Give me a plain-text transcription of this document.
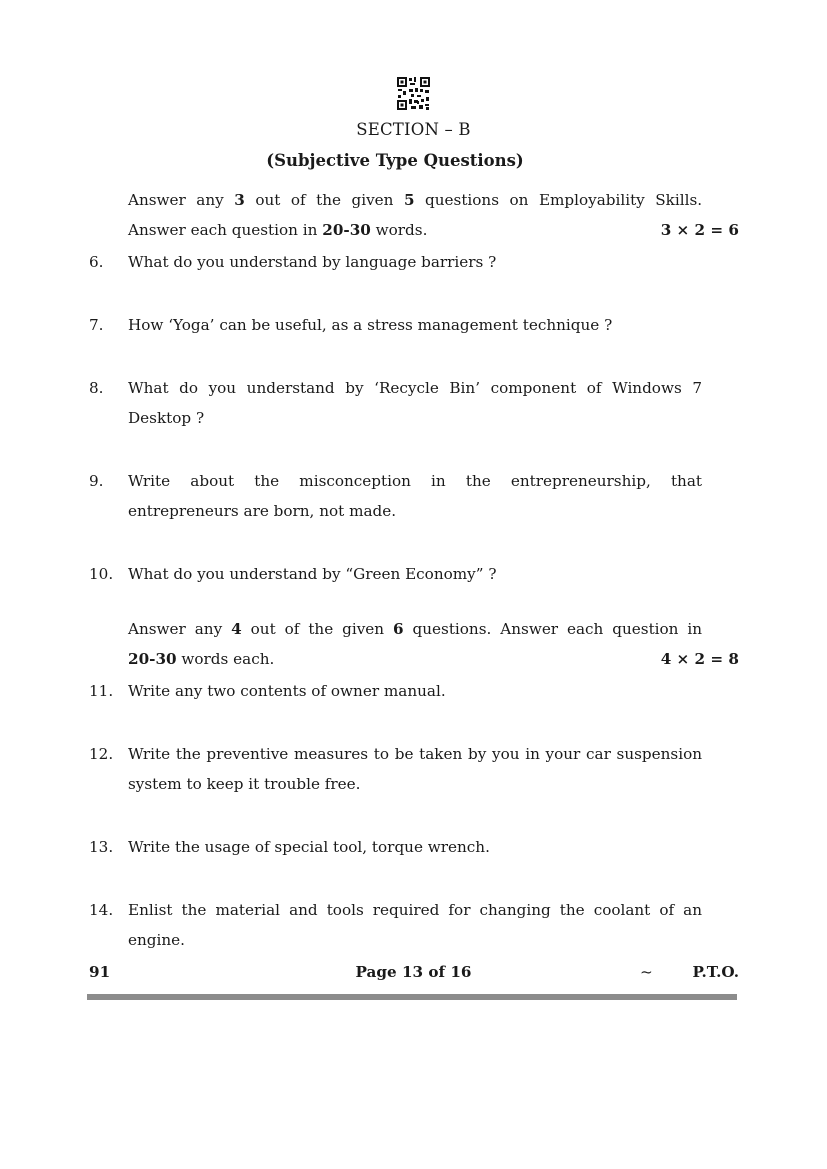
SECTION – B
(Subjective Type Questions)
Answer any 3 out of the given 5 questions on Employability Skills.
Answer each question in 20-30 words.	3 × 2 = 6
6.	What do you understand by language barriers ?
7.	How ‘Yoga’ can be useful, as a stress management technique ?
8.	What do you understand by ‘Recycle Bin’ component of Windows 7 Desktop ?
9.	Write about the misconception in the entrepreneurship, that entrepreneurs are born, not made.
10. What do you understand by “Green Economy” ?
Answer any 4 out of the given 6 questions. Answer each question in
20-30 words each.	4 × 2 = 8
11. Write any two contents of owner manual.
12. Write the preventive measures to be taken by you in your car suspension system to keep it trouble free.
13. Write the usage of special tool, torque wrench.
14. Enlist the material and tools required for changing the coolant of an engine.
91	Page 13 of 16	~	P.T.O.
